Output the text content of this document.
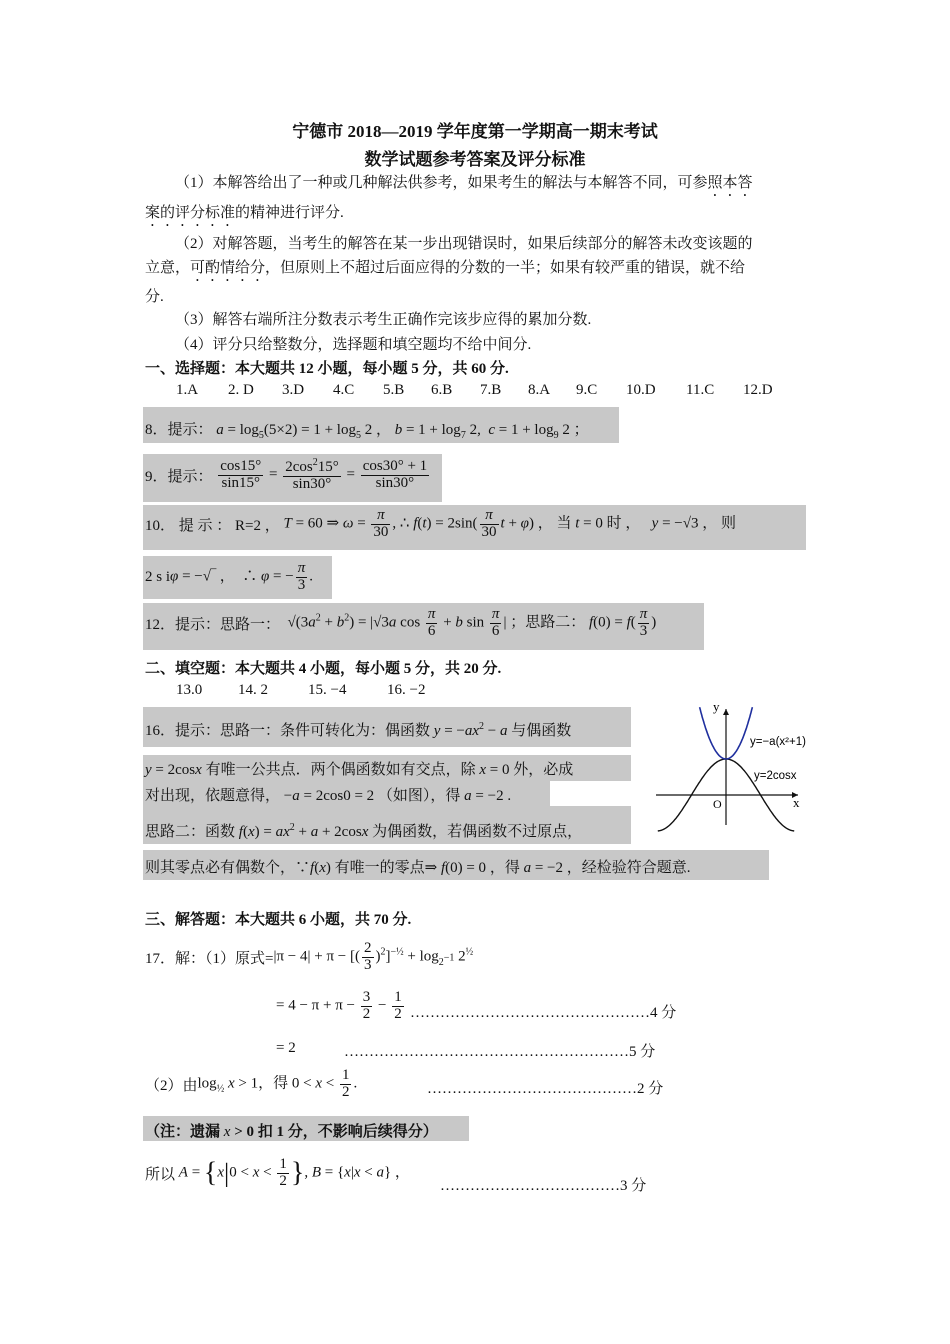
宁德市 2018—2019 学年度第一学期高一期末考试
数学试题参考答案及评分标准
（1）本解答给出了一种或几种解法供参考，如果考生的解法与本解答不同，可参照本答
案的评分标准的精神进行评分.
（2）对解答题，当考生的解答在某一步出现错误时，如果后续部分的解答未改变该题的
立意，可酌情给分，但原则上不超过后面应得的分数的一半；如果有较严重的错误，就不给
分.
（3）解答右端所注分数表示考生正确作完该步应得的累加分数.
（4）评分只给整数分，选择题和填空题均不给中间分.
一、选择题：本大题共 12 小题，每小题 5 分，共 60 分.
1.A 2. D 3.D 4.C 5.B 6.B 7.B 8.A 9.C 10.D 11.C 12.D
8．提示： $a = \log_5(5\times 2) = 1 + \log_5 2$ ， $b = 1 + \log_7 2$,  $c = 1 + \log_9 2$ ；
9．提示： $\frac{\cos 15^\circ}{\sin 15^\circ} = \frac{2\cos^215^\circ}{\sin 30^\circ} = \frac{\cos 30^\circ + 1}{\sin 30^\circ}$
10． 提 示 ： R=2 ， T = 60 ⇒ $\omega = \frac{\pi}{30}$ , ∴ $f(t) = 2\sin( \frac{\pi}{30}$ t + φ) ， 当 t = 0 时 ， y = −√3 ， 则
2 s iφ = −√‾ ，  ∴ φ = − $\frac{\pi}{3}$ .
12．提示：思路一：  $√(3a^2 + b^2) = |√3a$ $\cos \frac{\pi}{6} + b$ $\sin \frac{\pi}{6}$ | ；思路二： $f(0) = f( \frac{\pi}{3}$ )
二、填空题：本大题共 4 小题，每小题 5 分，共 20 分.
13.0 14. 2	15. −4	16. −2
16．提示：思路一：条件可转化为：偶函数 $y = -ax^2 - a$ 与偶函数
y = 2cosx 有唯一公共点．两个偶函数如有交点，除 x = 0 外，必成
对出现，依题意得， −a = 2cos0 = 2 （如图），得 a = −2 .
思路二：函数 $f(x) = ax^2 + a + 2\cos x$ 为偶函数，若偶函数不过原点，
则其零点必有偶数个，∵f(x) 有唯一的零点⇒ f(0) = 0 ，得 a = −2 ，经检验符合题意.
y
x
O
y=−a(x²+1)
y=2cosx
三、解答题：本大题共 6 小题，共 70 分.
17．解：（1）原式=|π − 4| + π − [( $\frac{2}{3} )^2]^{-\frac{1}{2}} + \log_{2^{-1}} 2^{\frac{1}{2}}$
= $4 - \pi + \pi - \frac{3}{2} - \frac{1}{2}$ …………………………………………4 分
= 2	…………………………………………………5 分
（2）由$\log_{\frac{1}{2}} x > 1$，得 $0 < x < \frac{1}{2}$ .	……………………………………2 分
（注：遗漏 x > 0 扣 1 分，不影响后续得分）
所以 $A = \{x|0 < x < \frac{1}{2}$ }, B = {x|x < a} ，
………………………………3 分
